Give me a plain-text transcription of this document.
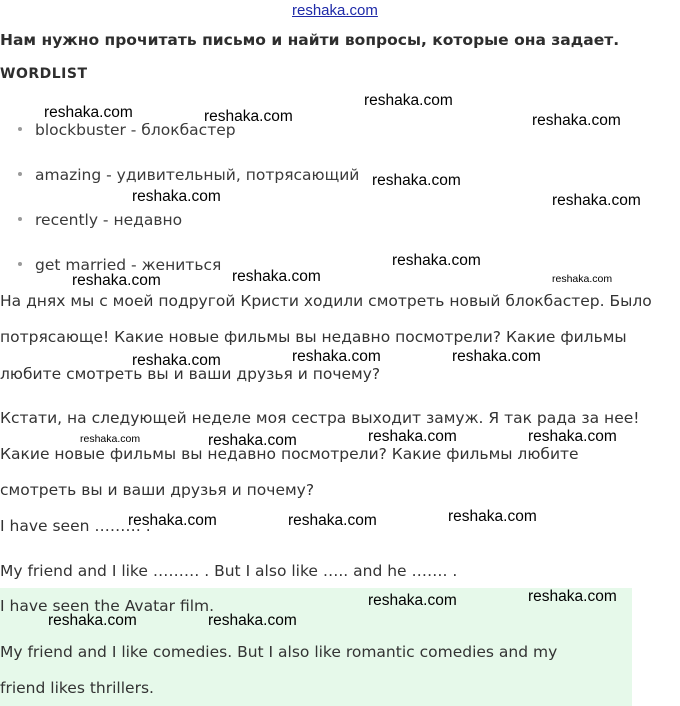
reshaka.com
Нам нужно прочитать письмо и найти вопросы, которые она задает.
WORDLIST
blockbuster - блокбастер
amazing - удивительный, потрясающий
recently - недавно
get married - жениться
На днях мы с моей подругой Кристи ходили смотреть новый блокбастер. Было
потрясающе! Какие новые фильмы вы недавно посмотрели? Какие фильмы
любите смотреть вы и ваши друзья и почему?
Кстати, на следующей неделе моя сестра выходит замуж. Я так рада за нее!
Какие новые фильмы вы недавно посмотрели? Какие фильмы любите
смотреть вы и ваши друзья и почему?
I have seen ……… .
My friend and I like ……… . But I also like ….. and he ……. .
I have seen the Avatar film.
My friend and I like comedies. But I also like romantic comedies and my
friend likes thrillers.
reshaka.com	reshaka.com
reshaka.com
reshaka.com
reshaka.com
reshaka.com	reshaka.com
reshaka.com
reshaka.com
reshaka.com	reshaka.com
reshaka.com	reshaka.com
reshaka.com
reshaka.com	reshaka.com	reshaka.com
reshaka.com
reshaka.com
reshaka.com	reshaka.com
reshaka.com
reshaka.com
reshaka.com	reshaka.com
